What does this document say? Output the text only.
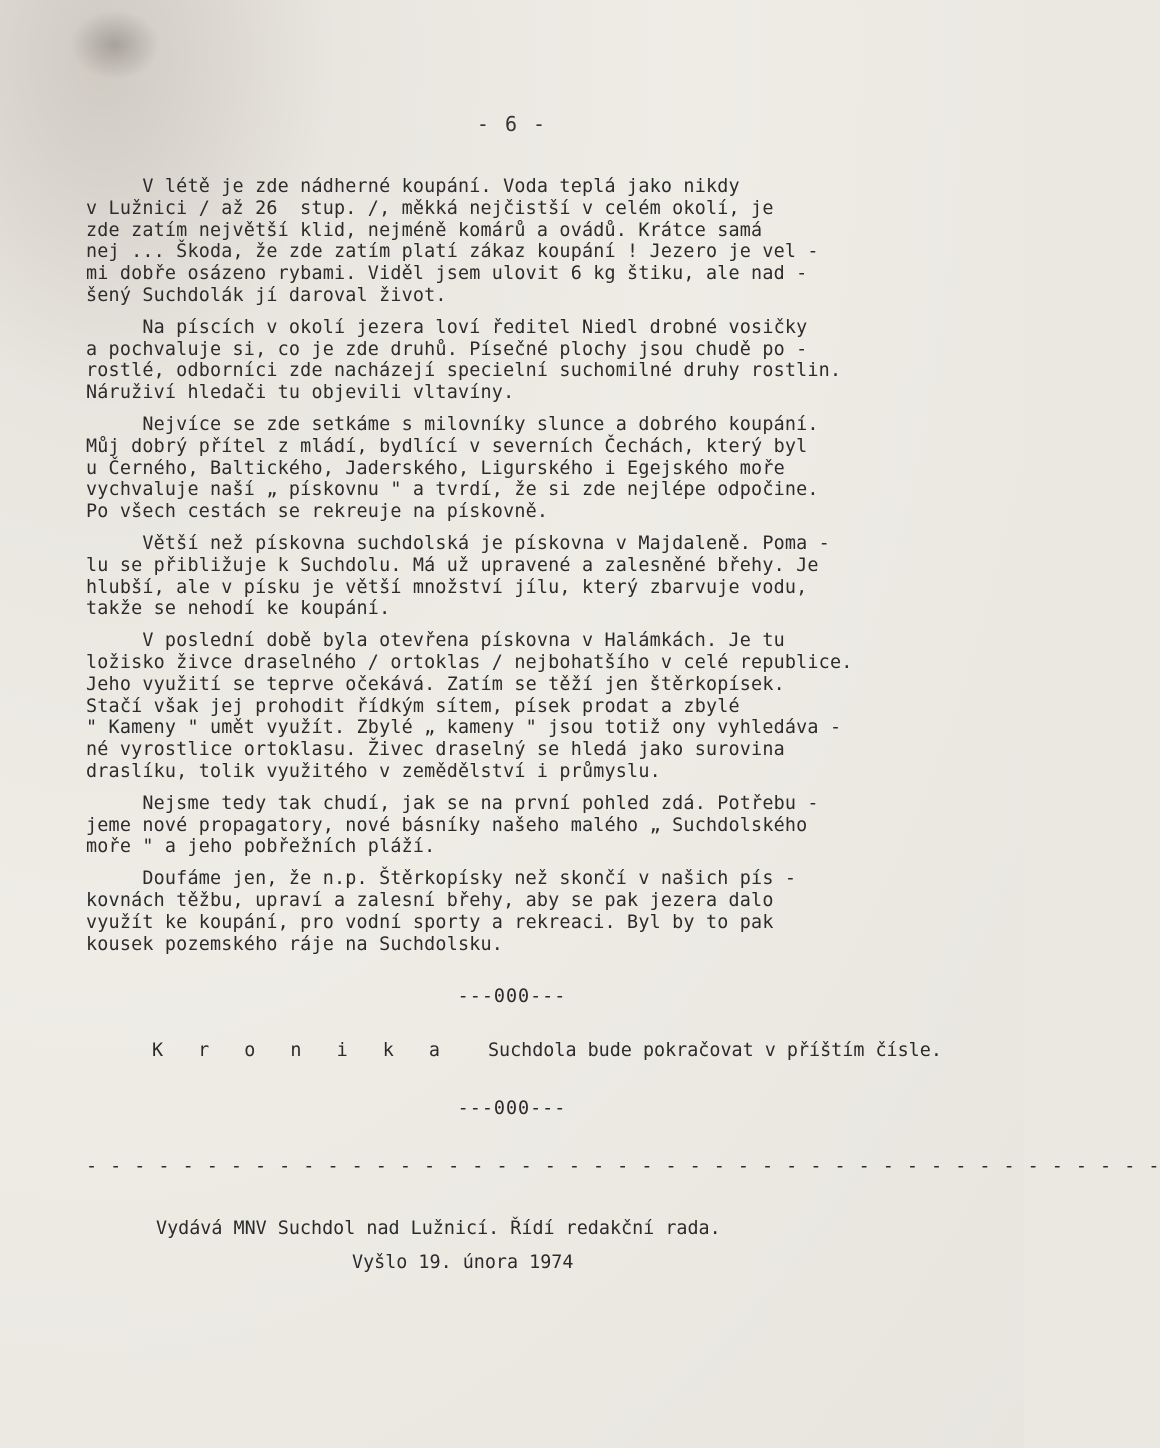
- 6 -
V létě je zde nádherné koupání. Voda teplá jako nikdy
v Lužnici / až 26  stup. /, měkká nejčistší v celém okolí, je
zde zatím největší klid, nejméně komárů a ovádů. Krátce samá
nej ... Škoda, že zde zatím platí zákaz koupání ! Jezero je vel -
mi dobře osázeno rybami. Viděl jsem ulovit 6 kg štiku, ale nad -
šený Suchdolák jí daroval život.
Na píscích v okolí jezera loví ředitel Niedl drobné vosičky
a pochvaluje si, co je zde druhů. Písečné plochy jsou chudě po -
rostlé, odborníci zde nacházejí specielní suchomilné druhy rostlin.
Náruživí hledači tu objevili vltavíny.
Nejvíce se zde setkáme s milovníky slunce a dobrého koupání.
Můj dobrý přítel z mládí, bydlící v severních Čechách, který byl
u Černého, Baltického, Jaderského, Ligurského i Egejského moře
vychvaluje naší „ pískovnu " a tvrdí, že si zde nejlépe odpočine.
Po všech cestách se rekreuje na pískovně.
Větší než pískovna suchdolská je pískovna v Majdaleně. Poma -
lu se přibližuje k Suchdolu. Má už upravené a zalesněné břehy. Je
hlubší, ale v písku je větší množství jílu, který zbarvuje vodu,
takže se nehodí ke koupání.
V poslední době byla otevřena pískovna v Halámkách. Je tu
ložisko živce draselného / ortoklas / nejbohatšího v celé republice.
Jeho využití se teprve očekává. Zatím se těží jen štěrkopísek.
Stačí však jej prohodit řídkým sítem, písek prodat a zbylé
" Kameny " umět využít. Zbylé „ kameny " jsou totiž ony vyhledáva -
né vyrostlice ortoklasu. Živec draselný se hledá jako surovina
draslíku, tolik využitého v zemědělství i průmyslu.
Nejsme tedy tak chudí, jak se na první pohled zdá. Potřebu -
jeme nové propagatory, nové básníky našeho malého „ Suchdolského
moře " a jeho pobřežních pláží.
Doufáme jen, že n.p. Štěrkopísky než skončí v našich pís -
kovnách těžbu, upraví a zalesní břehy, aby se pak jezera dalo
využít ke koupání, pro vodní sporty a rekreaci. Byl by to pak
kousek pozemského ráje na Suchdolsku.
---000---
K r o n i k a Suchdola bude pokračovat v příštím čísle.
---000---
- - - - - - - - - - - - - - - - - - - - - - - - - - - - - - - - - - - - - - - - - - - - -
Vydává MNV Suchdol nad Lužnicí. Řídí redakční rada.
Vyšlo 19. února 1974
